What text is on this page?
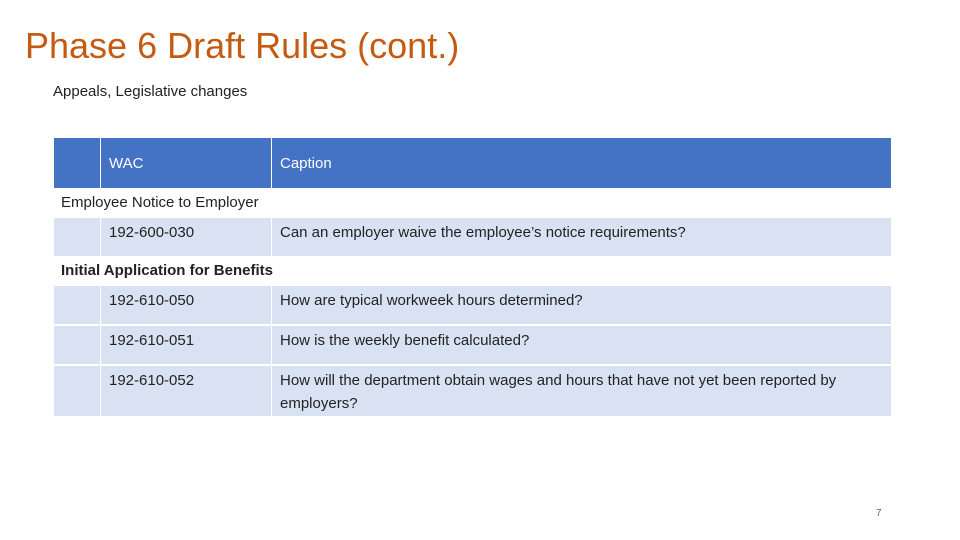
Phase 6 Draft Rules (cont.)

Appeals, Legislative changes

WAC	Caption
Employee Notice to Employer
192-600-030	Can an employer waive the employee’s notice requirements?
Initial Application for Benefits
192-610-050	How are typical workweek hours determined?
192-610-051	How is the weekly benefit calculated?
192-610-052	How will the department obtain wages and hours that have not yet been reported by employers?
7
